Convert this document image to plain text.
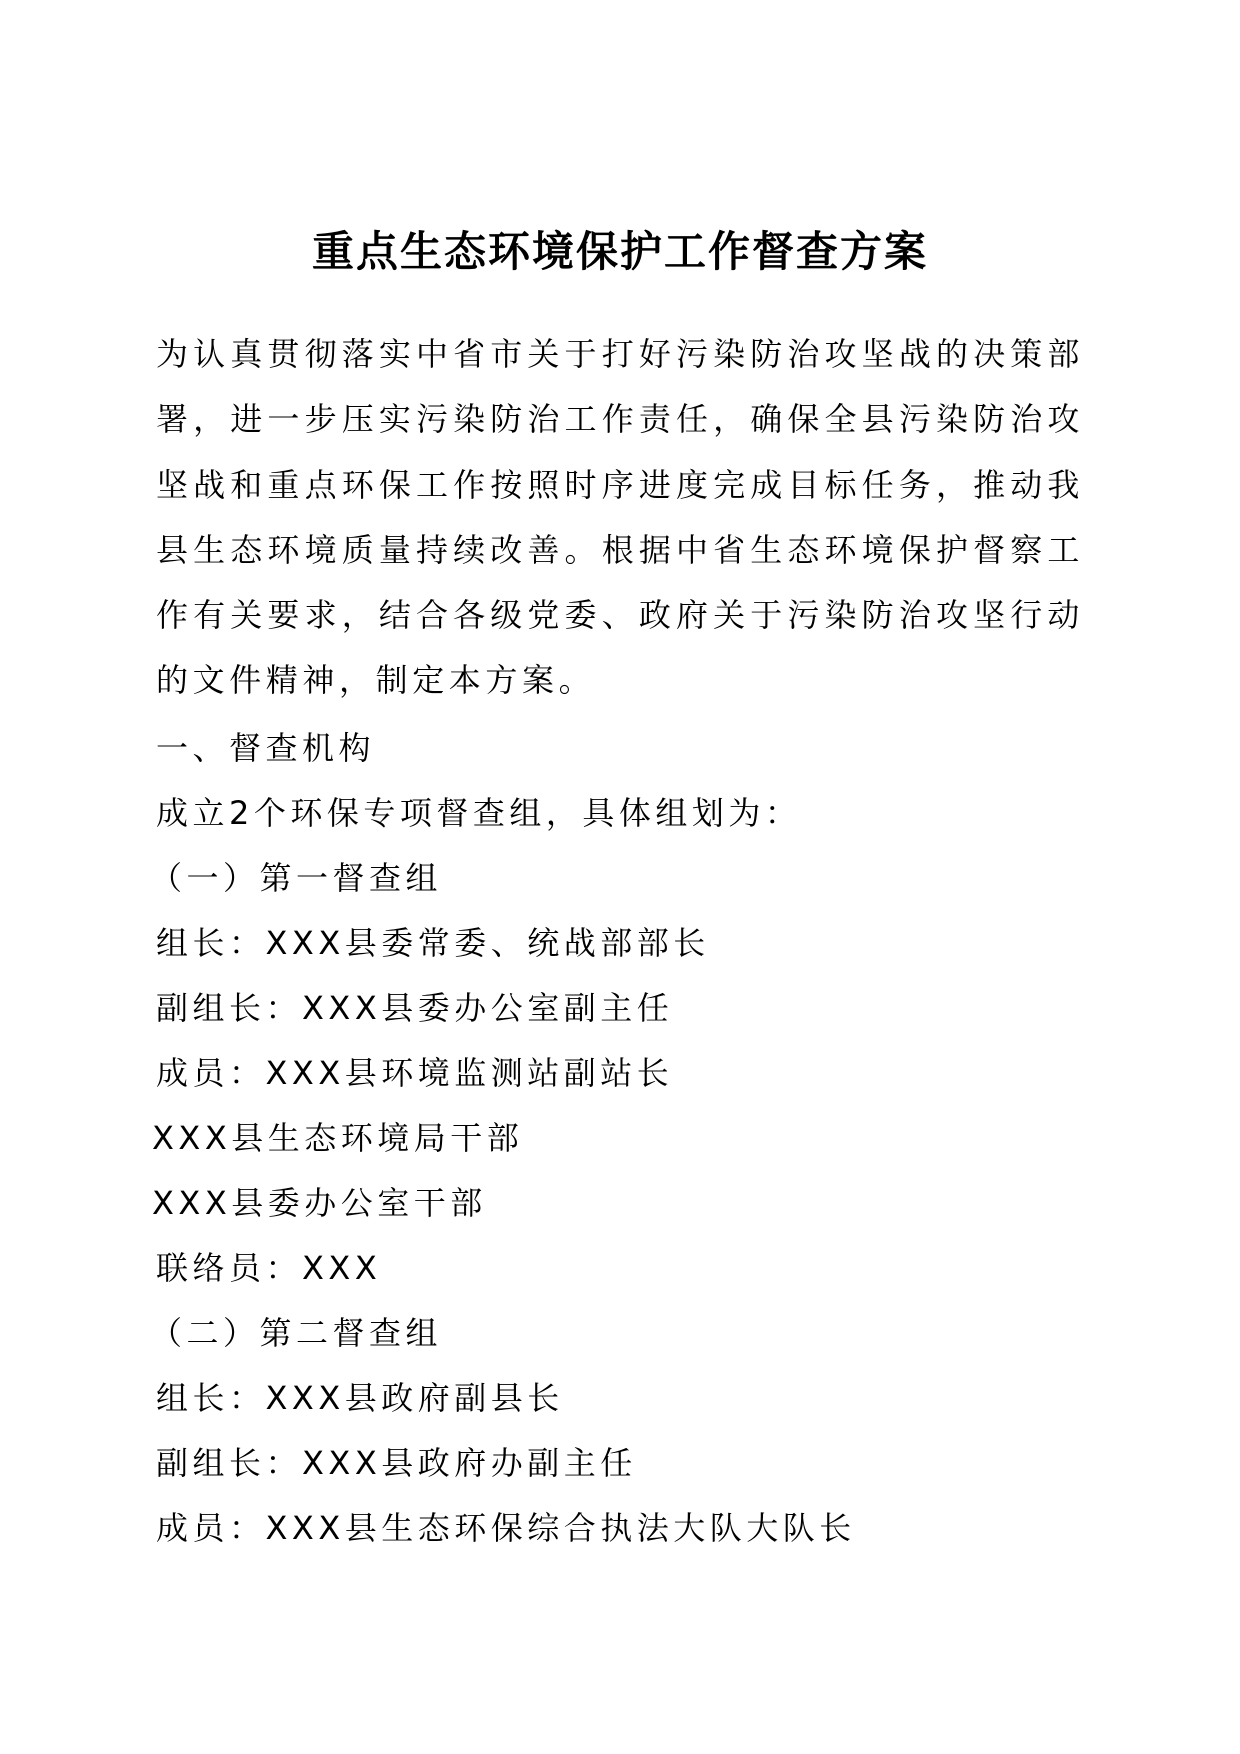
重点生态环境保护工作督查方案

为认真贯彻落实中省市关于打好污染防治攻坚战的决策部署，进一步压实污染防治工作责任，确保全县污染防治攻坚战和重点环保工作按照时序进度完成目标任务，推动我县生态环境质量持续改善。根据中省生态环境保护督察工作有关要求，结合各级党委、政府关于污染防治攻坚行动的文件精神，制定本方案。

一、督查机构

成立2个环保专项督查组，具体组划为：

（一）第一督查组

组长：XXX县委常委、统战部部长

副组长：XXX县委办公室副主任

成员：XXX县环境监测站副站长

XXX县生态环境局干部

XXX县委办公室干部

联络员：XXX

（二）第二督查组

组长：XXX县政府副县长

副组长：XXX县政府办副主任

成员：XXX县生态环保综合执法大队大队长
